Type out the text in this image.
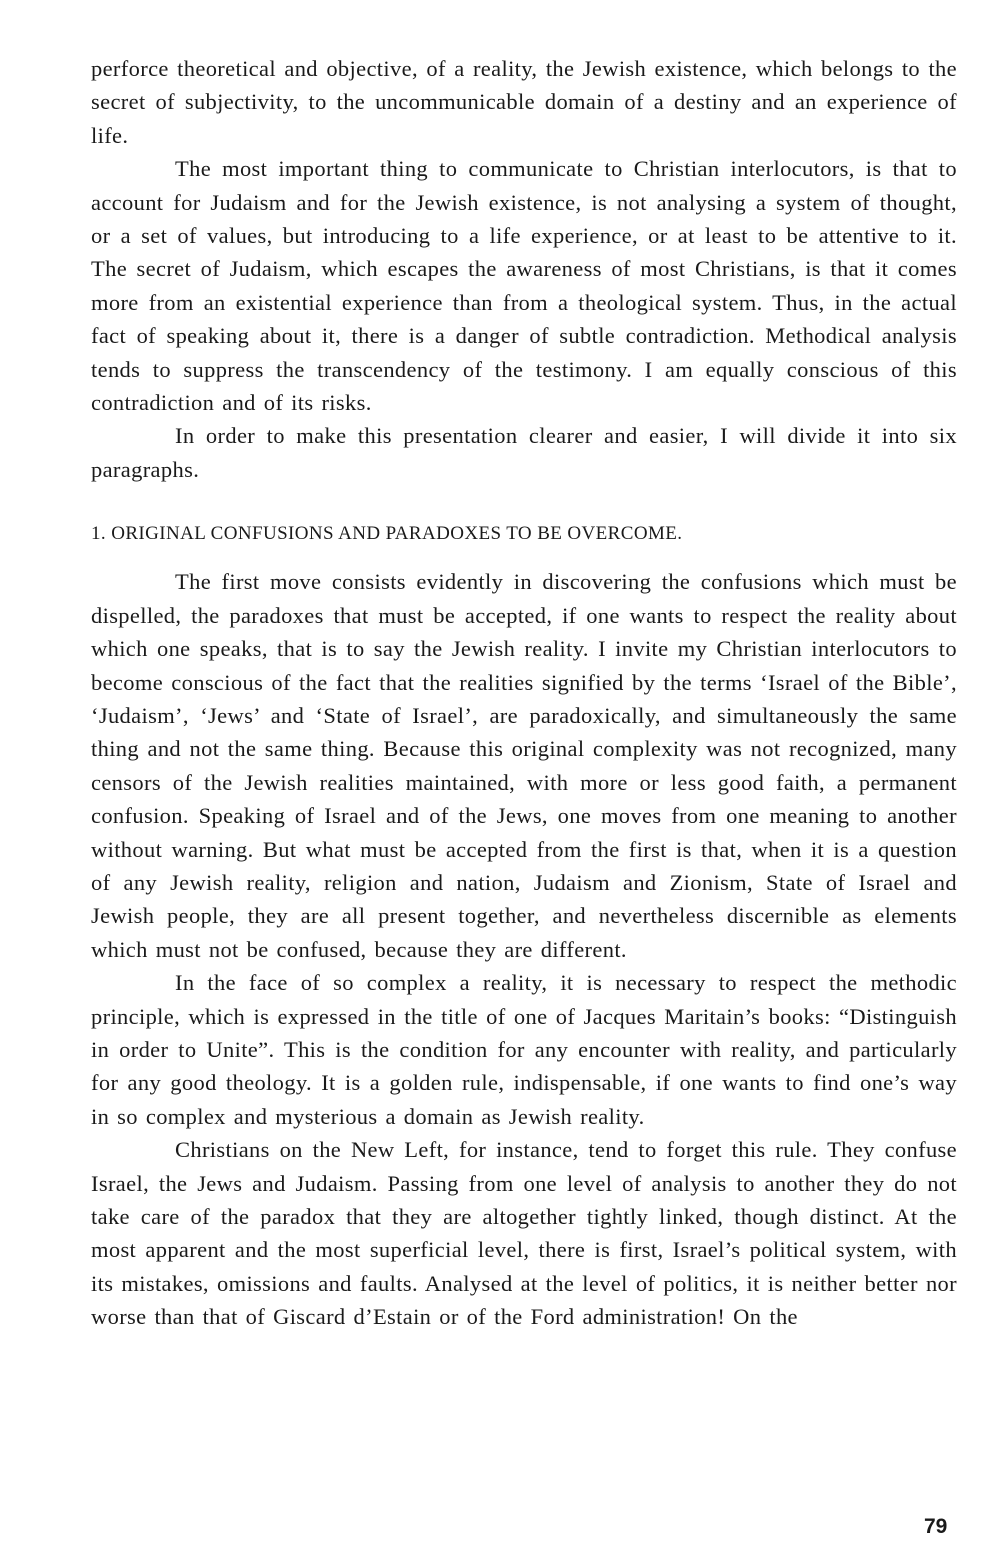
perforce theoretical and objective, of a reality, the Jewish existence, which belongs to the secret of subjectivity, to the uncommunicable domain of a destiny and an experience of life.

The most important thing to communicate to Christian interlocutors, is that to account for Judaism and for the Jewish existence, is not analysing a system of thought, or a set of values, but introducing to a life experience, or at least to be attentive to it. The secret of Judaism, which escapes the awareness of most Christians, is that it comes more from an existential experience than from a theological system. Thus, in the actual fact of speaking about it, there is a danger of subtle contradiction. Methodical analysis tends to suppress the transcendency of the testimony. I am equally conscious of this contradiction and of its risks.

In order to make this presentation clearer and easier, I will divide it into six paragraphs.

1. ORIGINAL CONFUSIONS AND PARADOXES TO BE OVERCOME.

The first move consists evidently in discovering the confusions which must be dispelled, the paradoxes that must be accepted, if one wants to respect the reality about which one speaks, that is to say the Jewish reality. I invite my Christian interlocutors to become conscious of the fact that the realities signified by the terms ‘Israel of the Bible’, ‘Judaism’, ‘Jews’ and ‘State of Israel’, are paradoxically, and simultaneously the same thing and not the same thing. Because this original complexity was not recognized, many censors of the Jewish realities maintained, with more or less good faith, a permanent confusion. Speaking of Israel and of the Jews, one moves from one meaning to another without warning. But what must be accepted from the first is that, when it is a question of any Jewish reality, religion and nation, Judaism and Zionism, State of Israel and Jewish people, they are all present together, and nevertheless discernible as elements which must not be confused, because they are different.

In the face of so complex a reality, it is necessary to respect the methodic principle, which is expressed in the title of one of Jacques Maritain’s books: “Distinguish in order to Unite”. This is the condition for any encounter with reality, and particularly for any good theology. It is a golden rule, indispensable, if one wants to find one’s way in so complex and mysterious a domain as Jewish reality.

Christians on the New Left, for instance, tend to forget this rule. They confuse Israel, the Jews and Judaism. Passing from one level of analysis to another they do not take care of the paradox that they are altogether tightly linked, though distinct. At the most apparent and the most superficial level, there is first, Israel’s political system, with its mistakes, omissions and faults. Analysed at the level of politics, it is neither better nor worse than that of Giscard d’Estain or of the Ford administration! On the

79
